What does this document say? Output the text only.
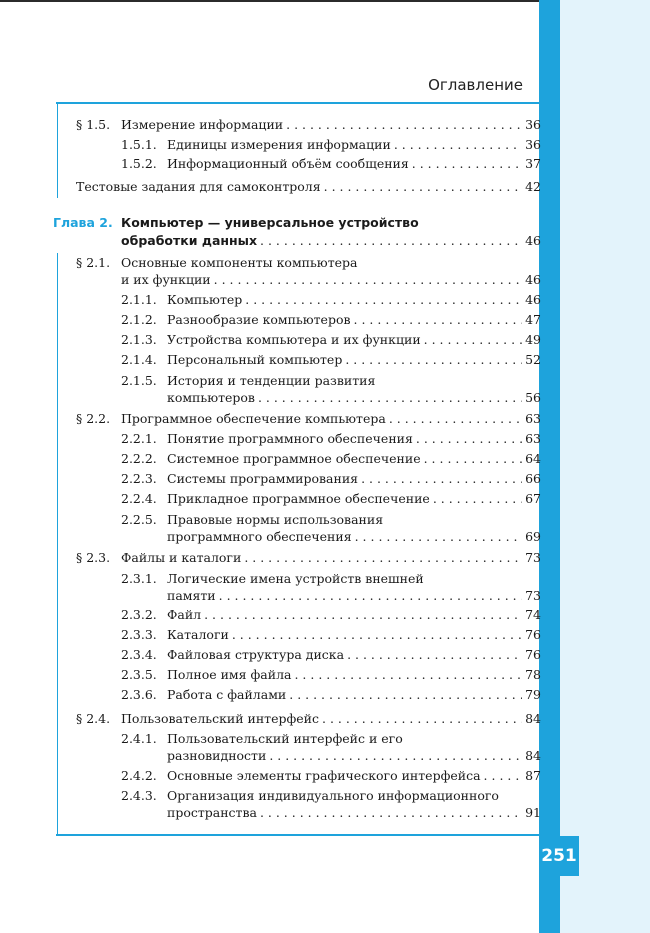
251
Оглавление
§ 1.5. Измерение информации . . .	36
1.5.1. Единицы измерения информации . . .	36
1.5.2. Информационный объём сообщения . . .	37
Тестовые задания для самоконтроля . . .	42
Глава 2. Компьютер — универсальное устройство
обработки данных . . .	46
§ 2.1. Основные компоненты компьютера
и их функции . . .	46
2.1.1. Компьютер . . .	46
2.1.2. Разнообразие компьютеров . . .	47
2.1.3. Устройства компьютера и их функции . . .	49
2.1.4. Персональный компьютер . . .	52
2.1.5. История и тенденции развития
компьютеров . . .	56
§ 2.2. Программное обеспечение компьютера . . .	63
2.2.1. Понятие программного обеспечения . . .	63
2.2.2. Системное программное обеспечение . . .	64
2.2.3. Системы программирования . . .	66
2.2.4. Прикладное программное обеспечение . . .	67
2.2.5. Правовые нормы использования
программного обеспечения . . .	69
§ 2.3. Файлы и каталоги . . .	73
2.3.1. Логические имена устройств внешней
памяти . . .	73
2.3.2. Файл . . .	74
2.3.3. Каталоги . . .	76
2.3.4. Файловая структура диска . . .	76
2.3.5. Полное имя файла . . .	78
2.3.6. Работа с файлами . . .	79
§ 2.4. Пользовательский интерфейс . . .	84
2.4.1. Пользовательский интерфейс и его
разновидности . . .	84
2.4.2. Основные элементы графического интерфейса . . .	87
2.4.3. Организация индивидуального информационного
пространства . . .	91
